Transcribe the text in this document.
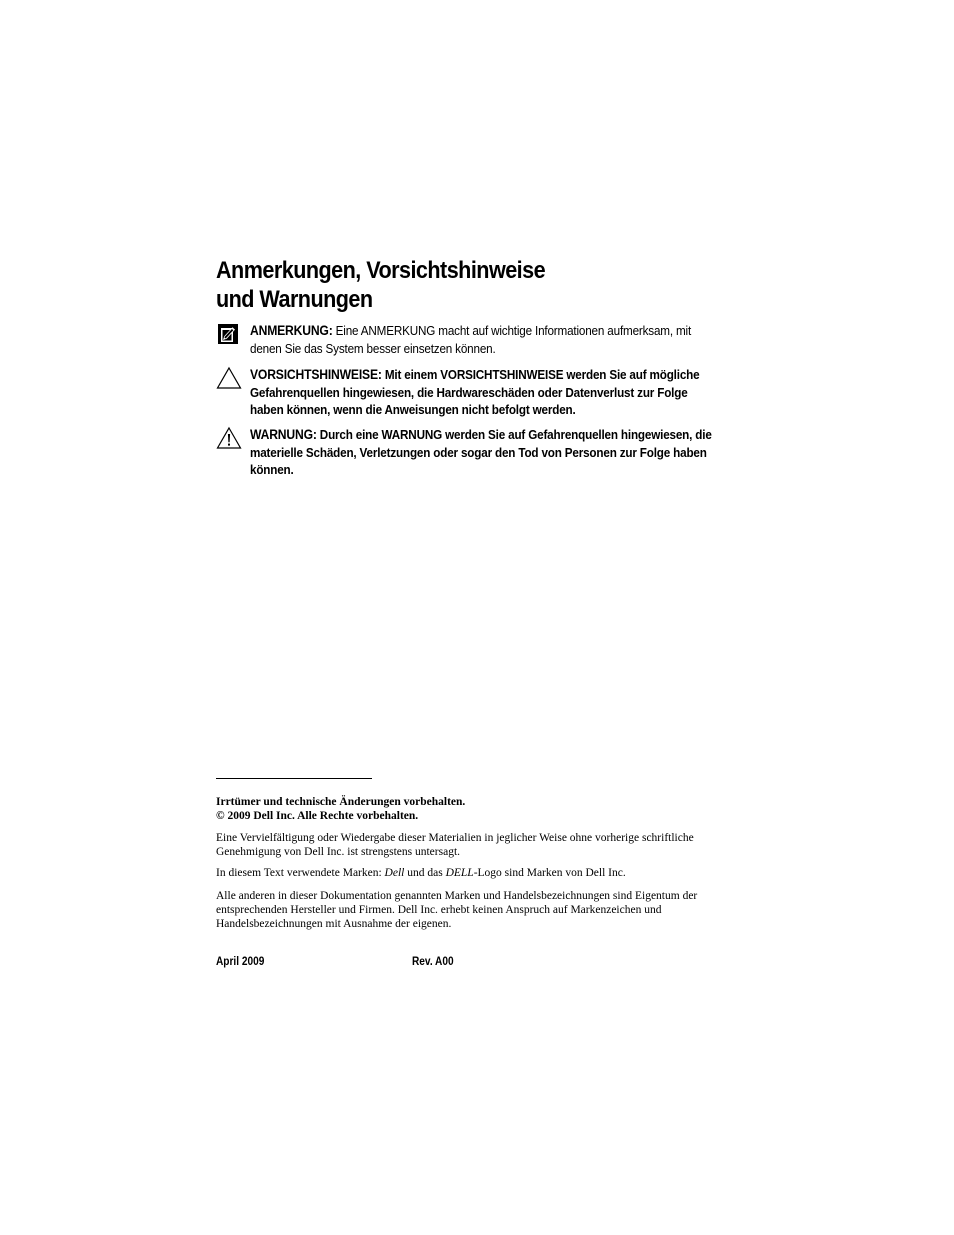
Anmerkungen, Vorsichtshinweise
und Warnungen
ANMERKUNG: Eine ANMERKUNG macht auf wichtige Informationen aufmerksam, mit denen Sie das System besser einsetzen können.
VORSICHTSHINWEISE: Mit einem VORSICHTSHINWEISE werden Sie auf mögliche Gefahrenquellen hingewiesen, die Hardwareschäden oder Datenverlust zur Folge haben können, wenn die Anweisungen nicht befolgt werden.
WARNUNG: Durch eine WARNUNG werden Sie auf Gefahrenquellen hingewiesen, die materielle Schäden, Verletzungen oder sogar den Tod von Personen zur Folge haben können.

Irrtümer und technische Änderungen vorbehalten.
© 2009 Dell Inc. Alle Rechte vorbehalten.

Eine Vervielfältigung oder Wiedergabe dieser Materialien in jeglicher Weise ohne vorherige schriftliche Genehmigung von Dell Inc. ist strengstens untersagt.

In diesem Text verwendete Marken: Dell und das DELL-Logo sind Marken von Dell Inc.

Alle anderen in dieser Dokumentation genannten Marken und Handelsbezeichnungen sind Eigentum der entsprechenden Hersteller und Firmen. Dell Inc. erhebt keinen Anspruch auf Markenzeichen und Handelsbezeichnungen mit Ausnahme der eigenen.

April 2009	Rev. A00
